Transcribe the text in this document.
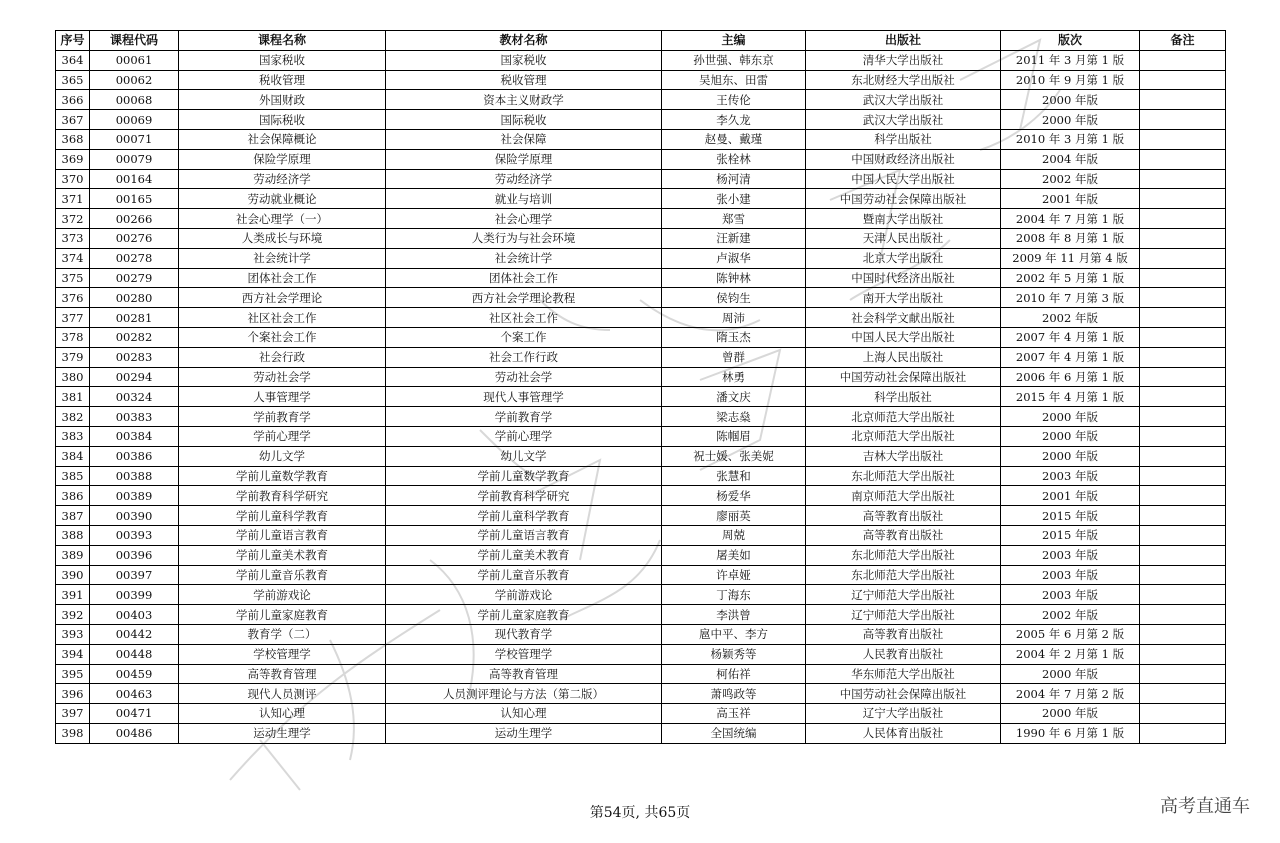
序号	课程代码	课程名称	教材名称	主编	出版社	版次	备注
364	00061	国家税收	国家税收	孙世强、韩东京	清华大学出版社	2011 年 3 月第 1 版	
365	00062	税收管理	税收管理	吴旭东、田雷	东北财经大学出版社	2010 年 9 月第 1 版	
366	00068	外国财政	资本主义财政学	王传伦	武汉大学出版社	2000 年版	
367	00069	国际税收	国际税收	李久龙	武汉大学出版社	2000 年版	
368	00071	社会保障概论	社会保障	赵曼、戴瑾	科学出版社	2010 年 3 月第 1 版	
369	00079	保险学原理	保险学原理	张栓林	中国财政经济出版社	2004 年版	
370	00164	劳动经济学	劳动经济学	杨河清	中国人民大学出版社	2002 年版	
371	00165	劳动就业概论	就业与培训	张小建	中国劳动社会保障出版社	2001 年版	
372	00266	社会心理学（一）	社会心理学	郑雪	暨南大学出版社	2004 年 7 月第 1 版	
373	00276	人类成长与环境	人类行为与社会环境	汪新建	天津人民出版社	2008 年 8 月第 1 版	
374	00278	社会统计学	社会统计学	卢淑华	北京大学出版社	2009 年 11 月第 4 版	
375	00279	团体社会工作	团体社会工作	陈钟林	中国时代经济出版社	2002 年 5 月第 1 版	
376	00280	西方社会学理论	西方社会学理论教程	侯钧生	南开大学出版社	2010 年 7 月第 3 版	
377	00281	社区社会工作	社区社会工作	周沛	社会科学文献出版社	2002 年版	
378	00282	个案社会工作	个案工作	隋玉杰	中国人民大学出版社	2007 年 4 月第 1 版	
379	00283	社会行政	社会工作行政	曾群	上海人民出版社	2007 年 4 月第 1 版	
380	00294	劳动社会学	劳动社会学	林勇	中国劳动社会保障出版社	2006 年 6 月第 1 版	
381	00324	人事管理学	现代人事管理学	潘文庆	科学出版社	2015 年 4 月第 1 版	
382	00383	学前教育学	学前教育学	梁志燊	北京师范大学出版社	2000 年版	
383	00384	学前心理学	学前心理学	陈帼眉	北京师范大学出版社	2000 年版	
384	00386	幼儿文学	幼儿文学	祝士媛、张美妮	吉林大学出版社	2000 年版	
385	00388	学前儿童数学教育	学前儿童数学教育	张慧和	东北师范大学出版社	2003 年版	
386	00389	学前教育科学研究	学前教育科学研究	杨爱华	南京师范大学出版社	2001 年版	
387	00390	学前儿童科学教育	学前儿童科学教育	廖丽英	高等教育出版社	2015 年版	
388	00393	学前儿童语言教育	学前儿童语言教育	周兢	高等教育出版社	2015 年版	
389	00396	学前儿童美术教育	学前儿童美术教育	屠美如	东北师范大学出版社	2003 年版	
390	00397	学前儿童音乐教育	学前儿童音乐教育	许卓娅	东北师范大学出版社	2003 年版	
391	00399	学前游戏论	学前游戏论	丁海东	辽宁师范大学出版社	2003 年版	
392	00403	学前儿童家庭教育	学前儿童家庭教育	李洪曾	辽宁师范大学出版社	2002 年版	
393	00442	教育学（二）	现代教育学	扈中平、李方	高等教育出版社	2005 年 6 月第 2 版	
394	00448	学校管理学	学校管理学	杨颖秀等	人民教育出版社	2004 年 2 月第 1 版	
395	00459	高等教育管理	高等教育管理	柯佑祥	华东师范大学出版社	2000 年版	
396	00463	现代人员测评	人员测评理论与方法（第二版）	萧鸣政等	中国劳动社会保障出版社	2004 年 7 月第 2 版	
397	00471	认知心理	认知心理	高玉祥	辽宁大学出版社	2000 年版	
398	00486	运动生理学	运动生理学	全国统编	人民体育出版社	1990 年 6 月第 1 版	
第54页, 共65页	高考直通车
